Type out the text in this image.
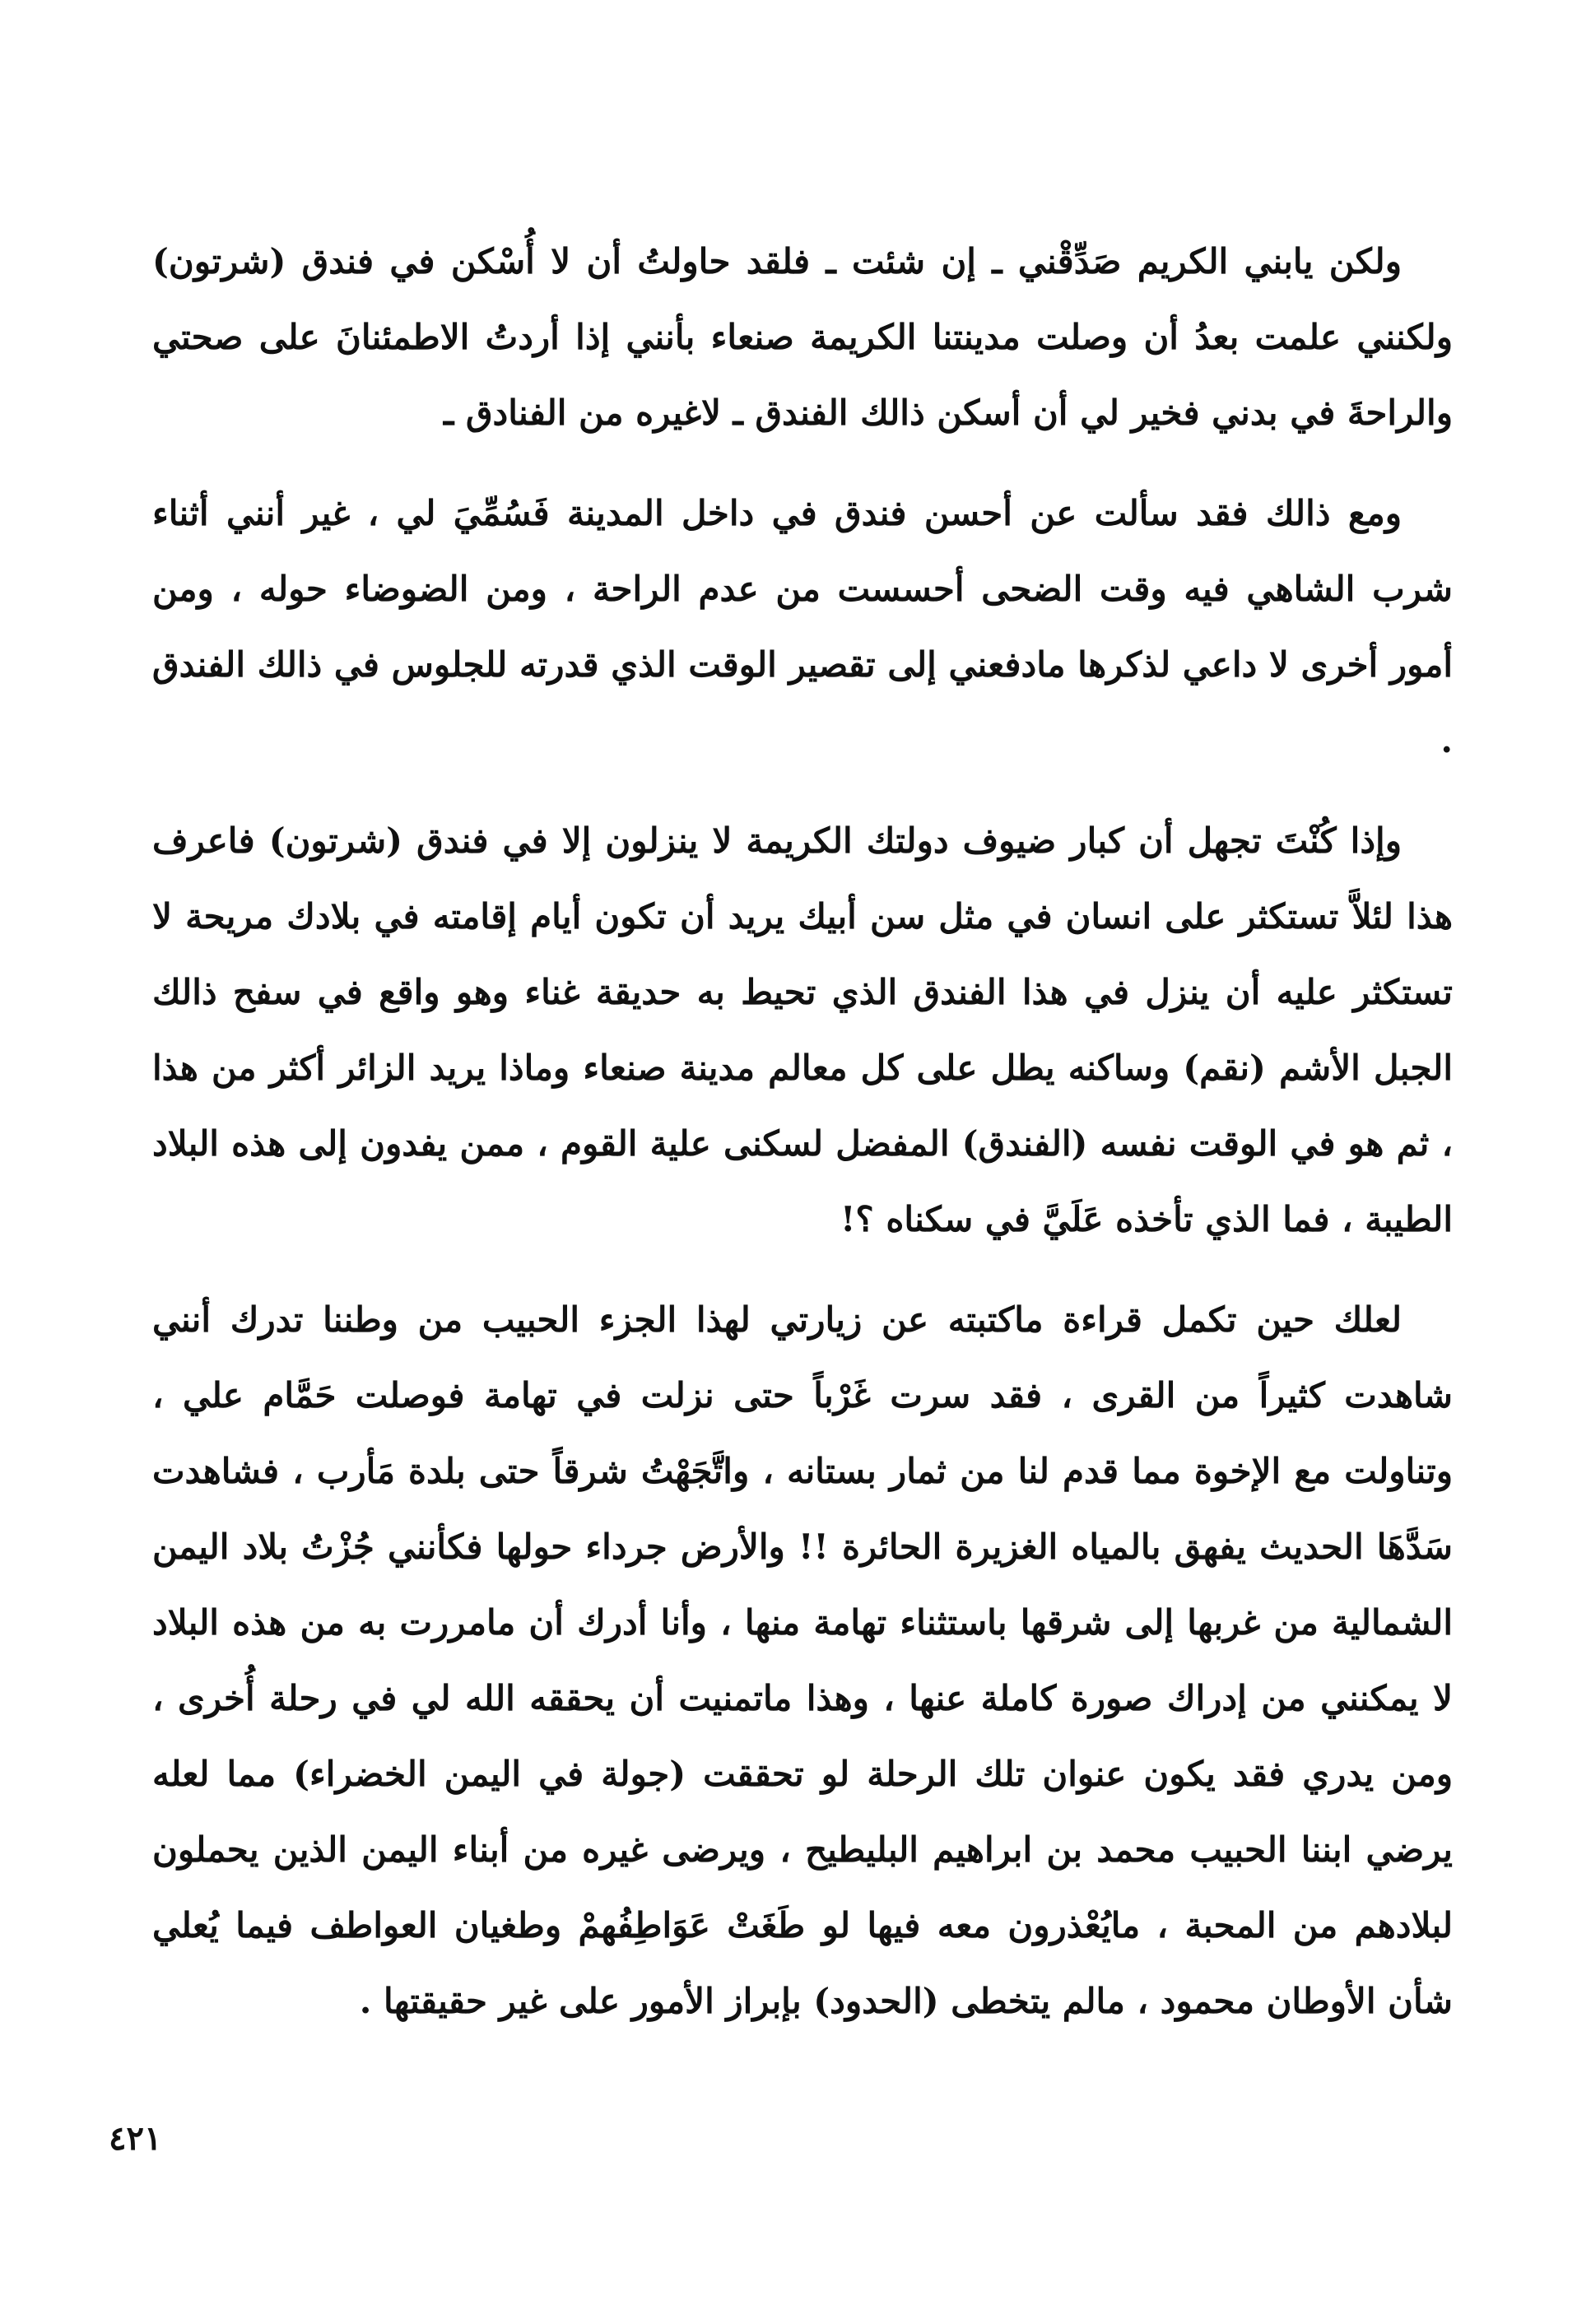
ولكن يابني الكريم صَدِّقْني ـ إن شئت ـ فلقد حاولتُ أن لا أُسْكن في فندق (شرتون) ولكنني علمت بعدُ أن وصلت مدينتنا الكريمة صنعاء بأنني إذا أردتُ الاطمئنانَ على صحتي والراحةَ في بدني فخير لي أن أسكن ذالك الفندق ـ لاغيره من الفنادق ـ

ومع ذالك فقد سألت عن أحسن فندق في داخل المدينة فَسُمِّيَ لي ، غير أنني أثناء شرب الشاهي فيه وقت الضحى أحسست من عدم الراحة ، ومن الضوضاء حوله ، ومن أمور أخرى لا داعي لذكرها مادفعني إلى تقصير الوقت الذي قدرته للجلوس في ذالك الفندق .

وإذا كُنْتَ تجهل أن كبار ضيوف دولتك الكريمة لا ينزلون إلا في فندق (شرتون) فاعرف هذا لئلاَّ تستكثر على انسان في مثل سن أبيك يريد أن تكون أيام إقامته في بلادك مريحة لا تستكثر عليه أن ينزل في هذا الفندق الذي تحيط به حديقة غناء وهو واقع في سفح ذالك الجبل الأشم (نقم) وساكنه يطل على كل معالم مدينة صنعاء وماذا يريد الزائر أكثر من هذا ، ثم هو في الوقت نفسه (الفندق) المفضل لسكنى علية القوم ، ممن يفدون إلى هذه البلاد الطيبة ، فما الذي تأخذه عَلَيَّ في سكناه ؟!

لعلك حين تكمل قراءة ماكتبته عن زيارتي لهذا الجزء الحبيب من وطننا تدرك أنني شاهدت كثيراً من القرى ، فقد سرت غَرْباً حتى نزلت في تهامة فوصلت حَمَّام علي ، وتناولت مع الإخوة مما قدم لنا من ثمار بستانه ، واتَّجَهْتُ شرقاً حتى بلدة مَأرب ، فشاهدت سَدَّهَا الحديث يفهق بالمياه الغزيرة الحائرة !! والأرض جرداء حولها فكأنني جُزْتُ بلاد اليمن الشمالية من غربها إلى شرقها باستثناء تهامة منها ، وأنا أدرك أن مامررت به من هذه البلاد لا يمكنني من إدراك صورة كاملة عنها ، وهذا ماتمنيت أن يحققه الله لي في رحلة أُخرى ، ومن يدري فقد يكون عنوان تلك الرحلة لو تحققت (جولة في اليمن الخضراء) مما لعله يرضي ابننا الحبيب محمد بن ابراهيم البليطيح ، ويرضى غيره من أبناء اليمن الذين يحملون لبلادهم من المحبة ، مايُعْذرون معه فيها لو طَغَتْ عَوَاطِفُهمْ وطغيان العواطف فيما يُعلي شأن الأوطان محمود ، مالم يتخطى (الحدود) بإبراز الأمور على غير حقيقتها .

٤٢١
